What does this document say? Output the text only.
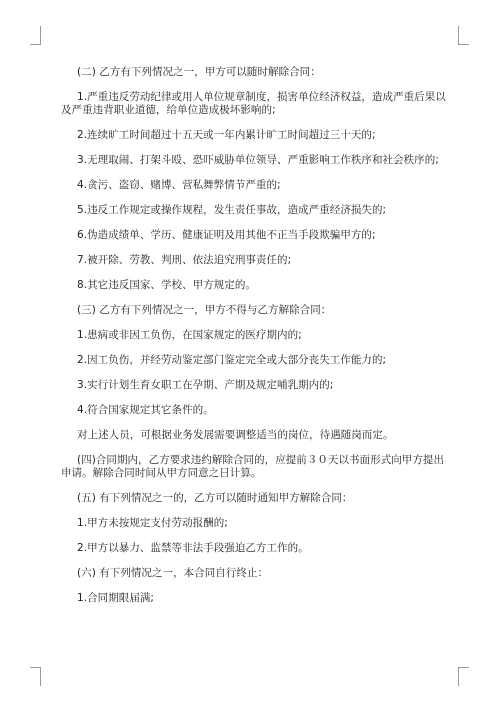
(二) 乙方有下列情况之一，甲方可以随时解除合同：

1.严重违反劳动纪律或用人单位规章制度，损害单位经济权益，造成严重后果以

及严重违背职业道德，给单位造成极坏影响的;

2.连续旷工时间超过十五天或一年内累计旷工时间超过三十天的;

3.无理取闹、打架斗殴、恐吓威胁单位领导、严重影响工作秩序和社会秩序的;

4.贪污、盗窃、赌博、营私舞弊情节严重的;

5.违反工作规定或操作规程，发生责任事故，造成严重经济损失的;

6.伪造成绩单、学历、健康证明及用其他不正当手段欺骗甲方的;

7.被开除、劳教、判刑、依法追究刑事责任的;

8.其它违反国家、学校、甲方规定的。

(三) 乙方有下列情况之一，甲方不得与乙方解除合同：

1.患病或非因工负伤，在国家规定的医疗期内的;

2.因工负伤，并经劳动鉴定部门鉴定完全或大部分丧失工作能力的;

3.实行计划生育女职工在孕期、产期及规定哺乳期内的;

4.符合国家规定其它条件的。

对上述人员，可根据业务发展需要调整适当的岗位，待遇随岗而定。

(四)合同期内，乙方要求违约解除合同的，应提前３０天以书面形式向甲方提出

申请。解除合同时间从甲方同意之日计算。

(五) 有下列情况之一的，乙方可以随时通知甲方解除合同：

1.甲方未按规定支付劳动报酬的;

2.甲方以暴力、监禁等非法手段强迫乙方工作的。

(六) 有下列情况之一，本合同自行终止：

1.合同期限届满;
